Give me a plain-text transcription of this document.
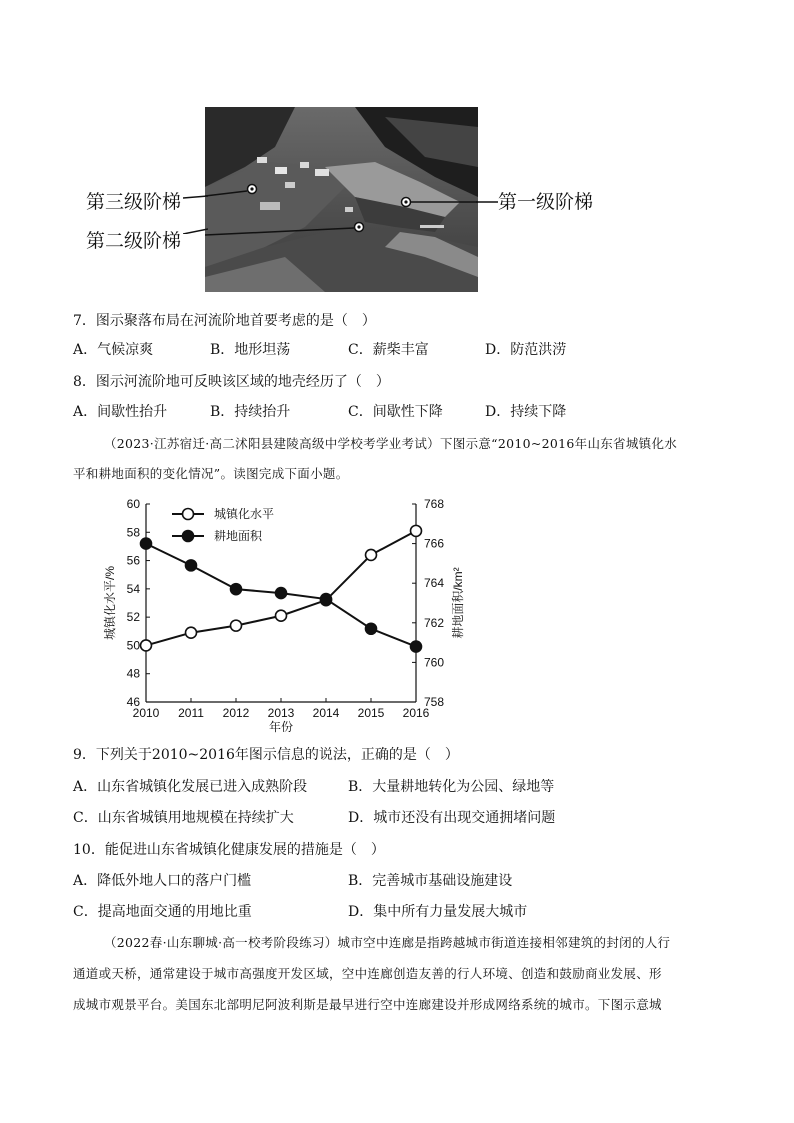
第三级阶梯
第二级阶梯
第一级阶梯
7．图示聚落布局在河流阶地首要考虑的是（　）
A．气候凉爽	B．地形坦荡	C．薪柴丰富	D．防范洪涝
8．图示河流阶地可反映该区域的地壳经历了（　）
A．间歇性抬升	B．持续抬升	C．间歇性下降	D．持续下降
（2023·江苏宿迁·高二沭阳县建陵高级中学校考学业考试）下图示意“2010~2016年山东省城镇化水
平和耕地面积的变化情况”。读图完成下面小题。
46
48
50
52
54
56
58
60
758
760
762
764
766
768
2010 2011 2012 2013 2014 2015 2016
年份
城镇化水平/%	耕地面积/km²
城镇化水平
耕地面积
9．下列关于2010~2016年图示信息的说法，正确的是（　）
A．山东省城镇化发展已进入成熟阶段	B．大量耕地转化为公园、绿地等
C．山东省城镇用地规模在持续扩大	D．城市还没有出现交通拥堵问题
10．能促进山东省城镇化健康发展的措施是（　）
A．降低外地人口的落户门槛	B．完善城市基础设施建设
C．提高地面交通的用地比重	D．集中所有力量发展大城市
（2022春·山东聊城·高一校考阶段练习）城市空中连廊是指跨越城市街道连接相邻建筑的封闭的人行
通道或天桥，通常建设于城市高强度开发区域，空中连廊创造友善的行人环境、创造和鼓励商业发展、形
成城市观景平台。美国东北部明尼阿波利斯是最早进行空中连廊建设并形成网络系统的城市。下图示意城
